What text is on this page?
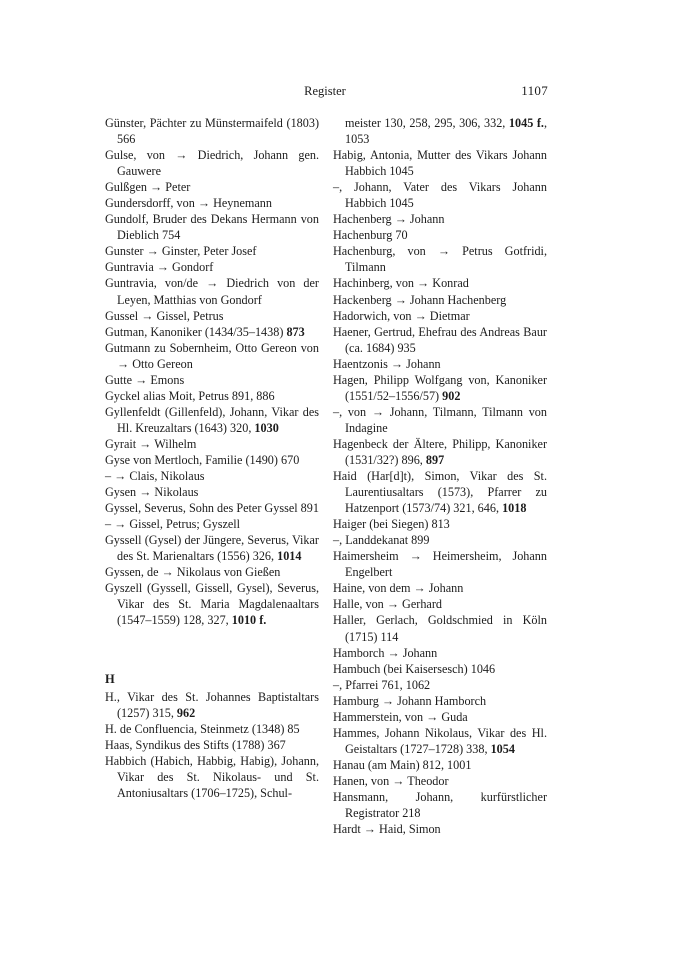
Register	1107

Günster, Pächter zu Münstermaifeld (1803) 566

Gulse, von → Diedrich, Johann gen. Gauwere

Gulßgen → Peter

Gundersdorff, von → Heynemann

Gundolf, Bruder des Dekans Hermann von Dieblich 754

Gunster → Ginster, Peter Josef

Guntravia → Gondorf

Guntravia, von/de → Diedrich von der Leyen, Matthias von Gondorf

Gussel → Gissel, Petrus

Gutman, Kanoniker (1434/35–1438) 873

Gutmann zu Sobernheim, Otto Gereon von → Otto Gereon

Gutte → Emons

Gyckel alias Moit, Petrus 891, 886

Gyllenfeldt (Gillenfeld), Johann, Vikar des Hl. Kreuzaltars (1643) 320, 1030

Gyrait → Wilhelm

Gyse von Mertloch, Familie (1490) 670

– → Clais, Nikolaus

Gysen → Nikolaus

Gyssel, Severus, Sohn des Peter Gyssel 891

– → Gissel, Petrus; Gyszell

Gyssell (Gysel) der Jüngere, Severus, Vikar des St. Marienaltars (1556) 326, 1014

Gyssen, de → Nikolaus von Gießen

Gyszell (Gyssell, Gissell, Gysel), Severus, Vikar des St. Maria Magdalenaaltars (1547–1559) 128, 327, 1010 f.

H

H., Vikar des St. Johannes Baptistaltars (1257) 315, 962

H. de Confluencia, Steinmetz (1348) 85

Haas, Syndikus des Stifts (1788) 367

Habbich (Habich, Habbig, Habig), Johann, Vikar des St. Nikolaus- und St. Antoniusaltars (1706–1725), Schul-

meister 130, 258, 295, 306, 332, 1045 f., 1053

Habig, Antonia, Mutter des Vikars Johann Habbich 1045

–, Johann, Vater des Vikars Johann Habbich 1045

Hachenberg → Johann

Hachenburg 70

Hachenburg, von → Petrus Gotfridi, Tilmann

Hachinberg, von → Konrad

Hackenberg → Johann Hachenberg

Hadorwich, von → Dietmar

Haener, Gertrud, Ehefrau des Andreas Baur (ca. 1684) 935

Haentzonis → Johann

Hagen, Philipp Wolfgang von, Kanoniker (1551/52–1556/57) 902

–, von → Johann, Tilmann, Tilmann von Indagine

Hagenbeck der Ältere, Philipp, Kanoniker (1531/32?) 896, 897

Haid (Har[d]t), Simon, Vikar des St. Laurentiusaltars (1573), Pfarrer zu Hatzenport (1573/74) 321, 646, 1018

Haiger (bei Siegen) 813

–, Landdekanat 899

Haimersheim → Heimersheim, Johann Engelbert

Haine, von dem → Johann

Halle, von → Gerhard

Haller, Gerlach, Goldschmied in Köln (1715) 114

Hamborch → Johann

Hambuch (bei Kaisersesch) 1046

–, Pfarrei 761, 1062

Hamburg → Johann Hamborch

Hammerstein, von → Guda

Hammes, Johann Nikolaus, Vikar des Hl. Geistaltars (1727–1728) 338, 1054

Hanau (am Main) 812, 1001

Hanen, von → Theodor

Hansmann, Johann, kurfürstlicher Registrator 218

Hardt → Haid, Simon
